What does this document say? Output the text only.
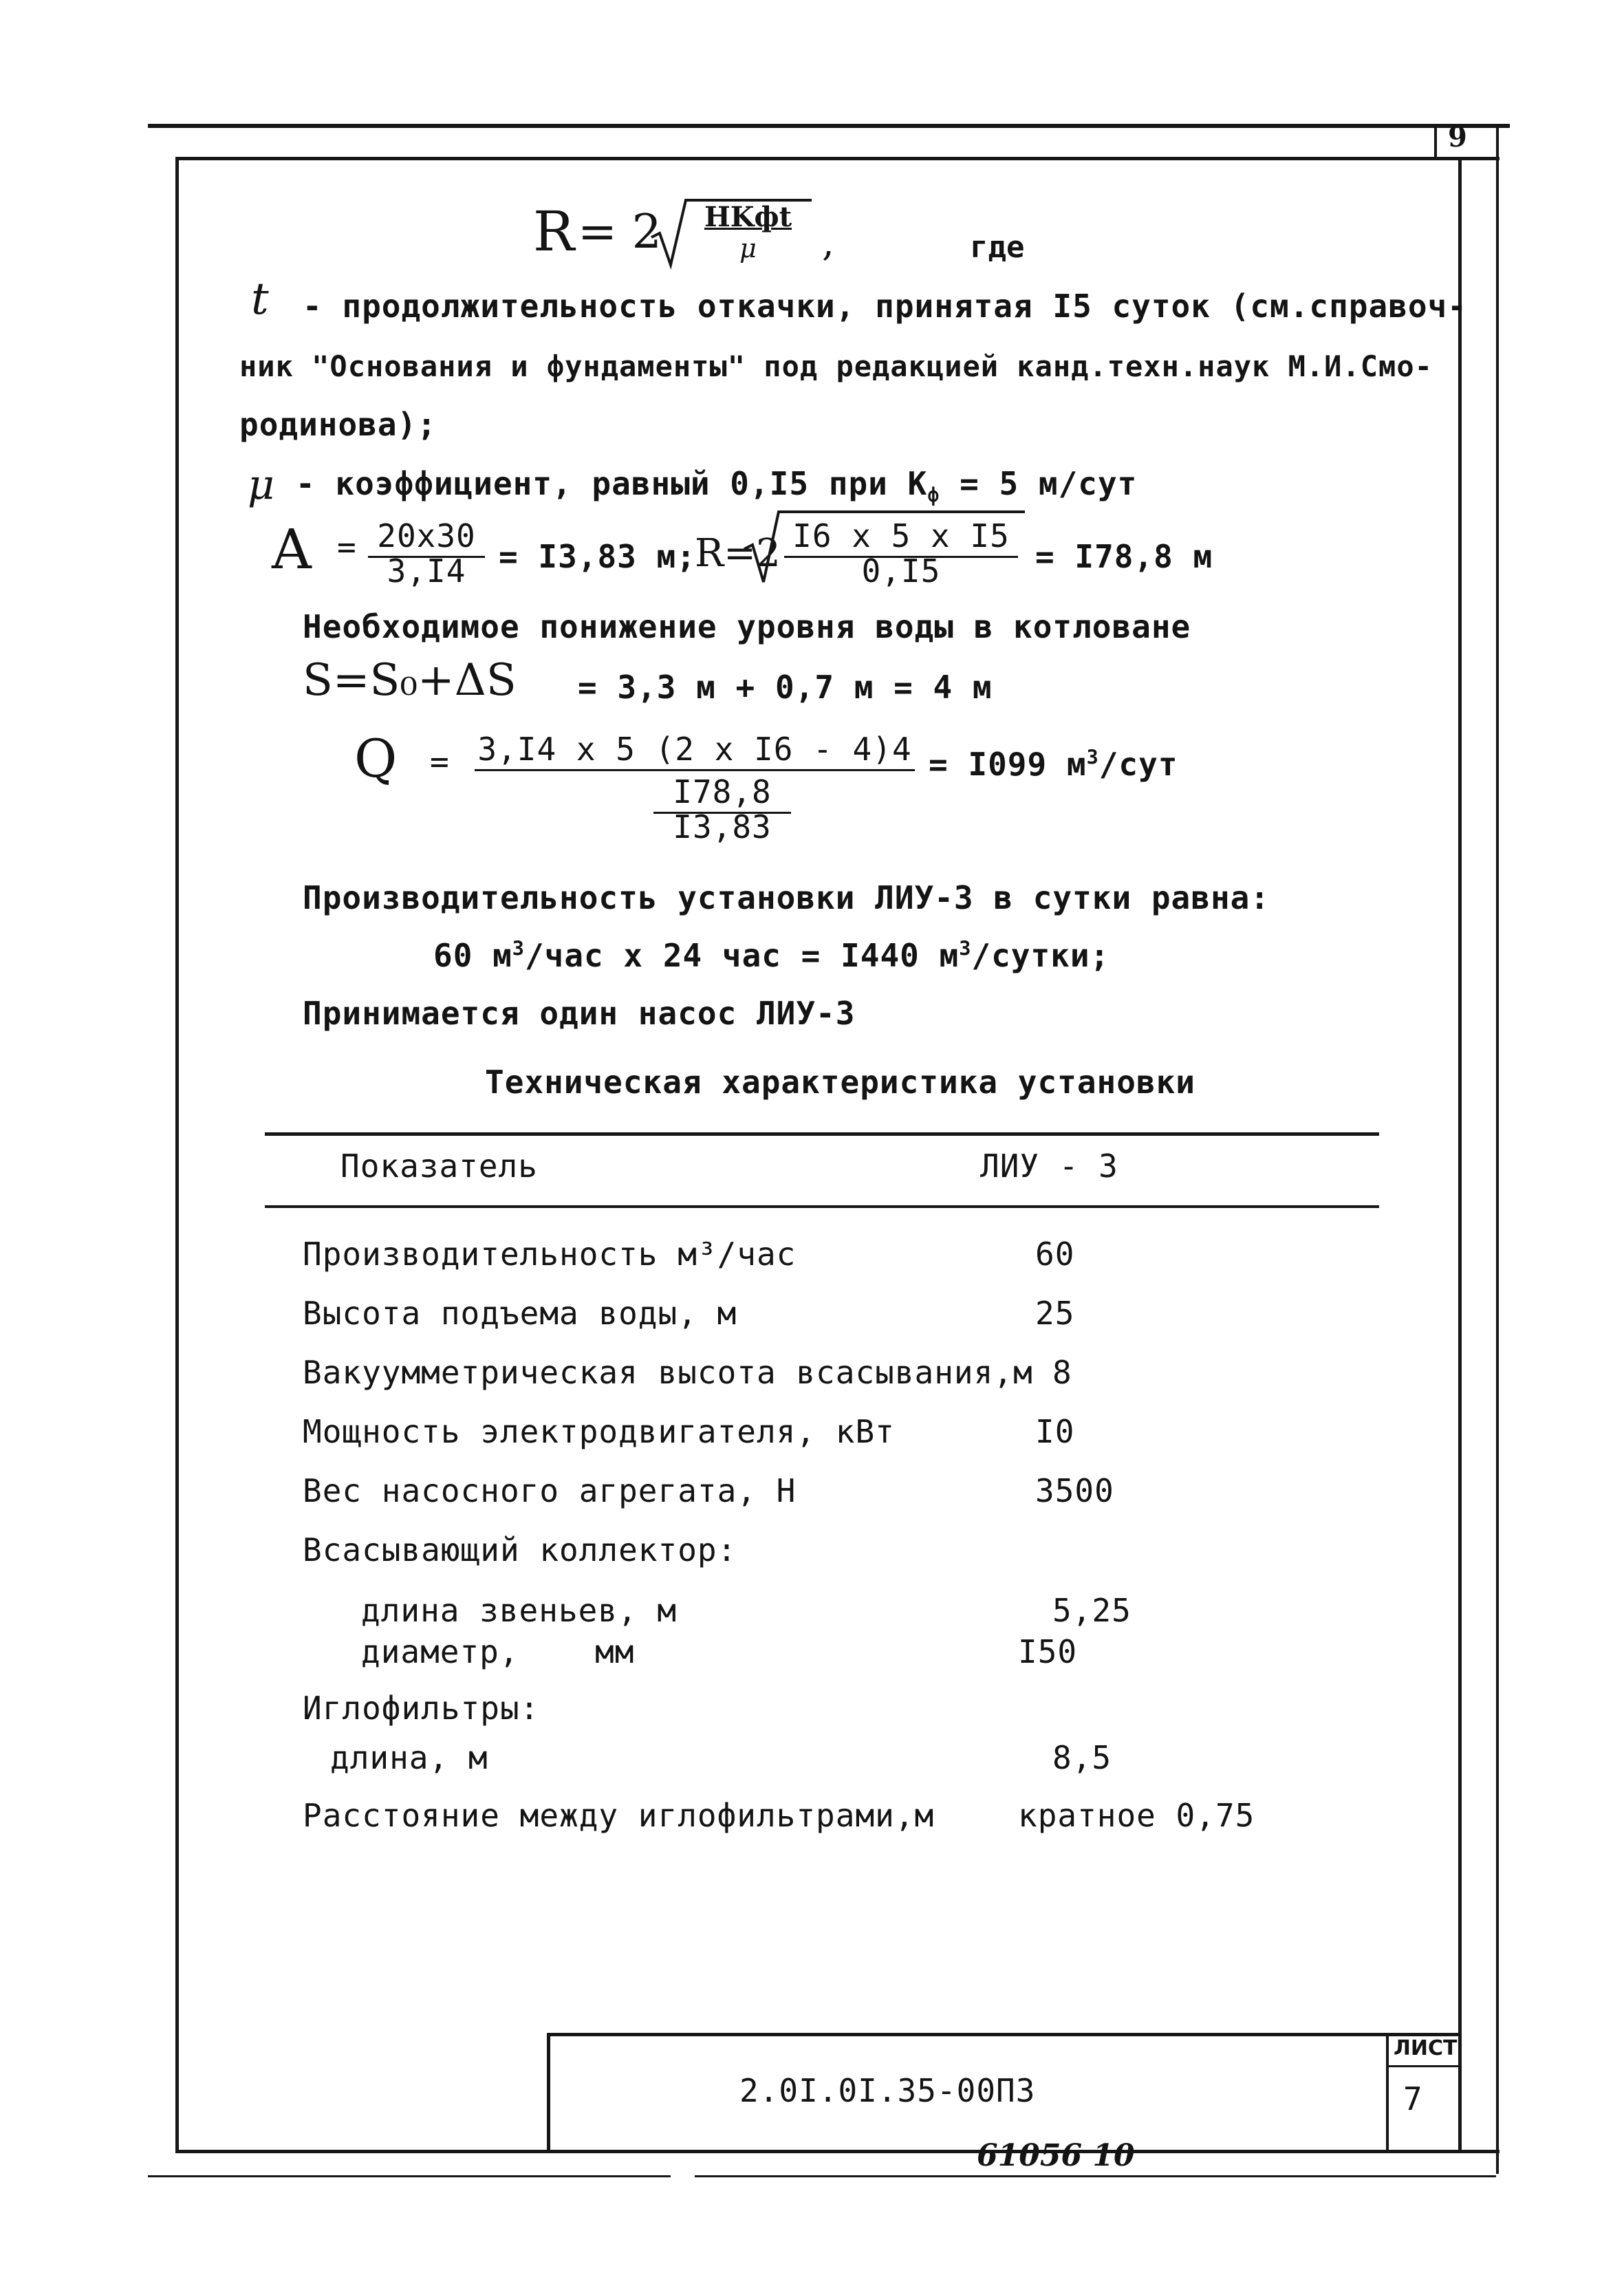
9
61056 10
R = 2	HKфt
μ	,	где
t - продолжительность откачки, принятая I5 суток (см.справоч-
ник "Основания и фундаменты" под редакцией канд.техн.наук М.И.Смо-
родинова);
μ - коэффициент, равный 0,I5 при $К_ф = 5$ м/сут
A = 20x30
3,I4	= I3,83 м;
R=2 I6 x 5 x I5
0,I5	= I78,8 м
Необходимое понижение уровня воды в котловане
S=S₀+ΔS = 3,3 м + 0,7 м = 4 м
Q = 3,I4 x 5 (2 x I6 - 4)4
I78,8
I3,83
= I099 $м^3$/сут
Производительность установки ЛИУ-3 в сутки равна:
60 $м^3$/час x 24 час = I440 $м^3$/сутки;
Принимается один насос ЛИУ-3
Техническая характеристика установки
Показатель	ЛИУ - 3
Производительность м³/час	60
Высота подъема воды, м	25
Вакуумметрическая высота всасывания,м 8
Мощность электродвигателя, кВт	I0
Вес насосного агрегата, Н	3500
Всасывающий коллектор:
длина звеньев, м	5,25
диаметр, мм	I50
Иглофильтры:
длина, м	8,5
Расстояние между иглофильтрами,м	кратное 0,75
2.0I.0I.35-00ПЗ
ЛИСТ
7
